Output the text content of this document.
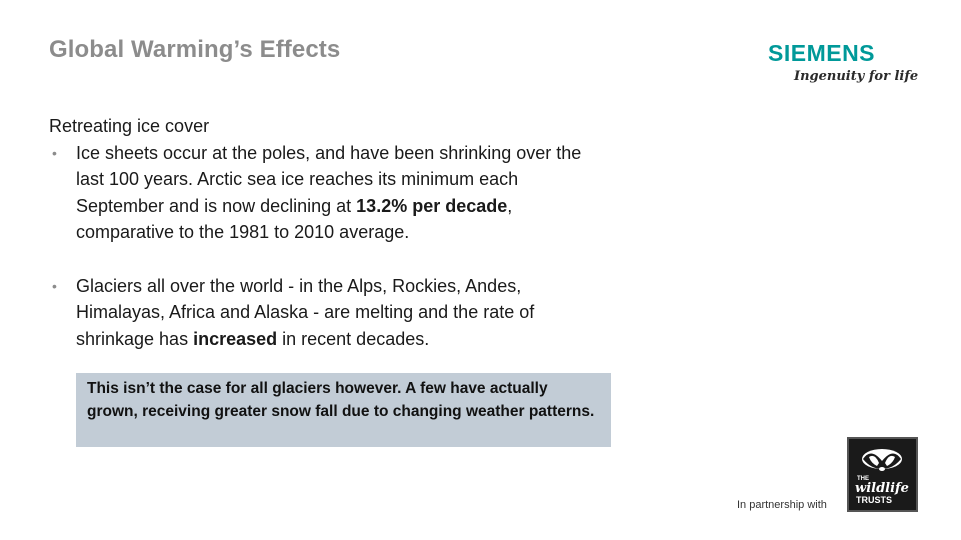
Global Warming’s Effects	SIEMENS
Ingenuity for life

Retreating ice cover

• Ice sheets occur at the poles, and have been shrinking over the last 100 years. Arctic sea ice reaches its minimum each September and is now declining at 13.2% per decade, comparative to the 1981 to 2010 average.

• Glaciers all over the world - in the Alps, Rockies, Andes, Himalayas, Africa and Alaska - are melting and the rate of shrinkage has increased in recent decades.

This isn’t the case for all glaciers however. A few have actually grown, receiving greater snow fall due to changing weather patterns.
In partnership with
THE
wildlife
TRUSTS
